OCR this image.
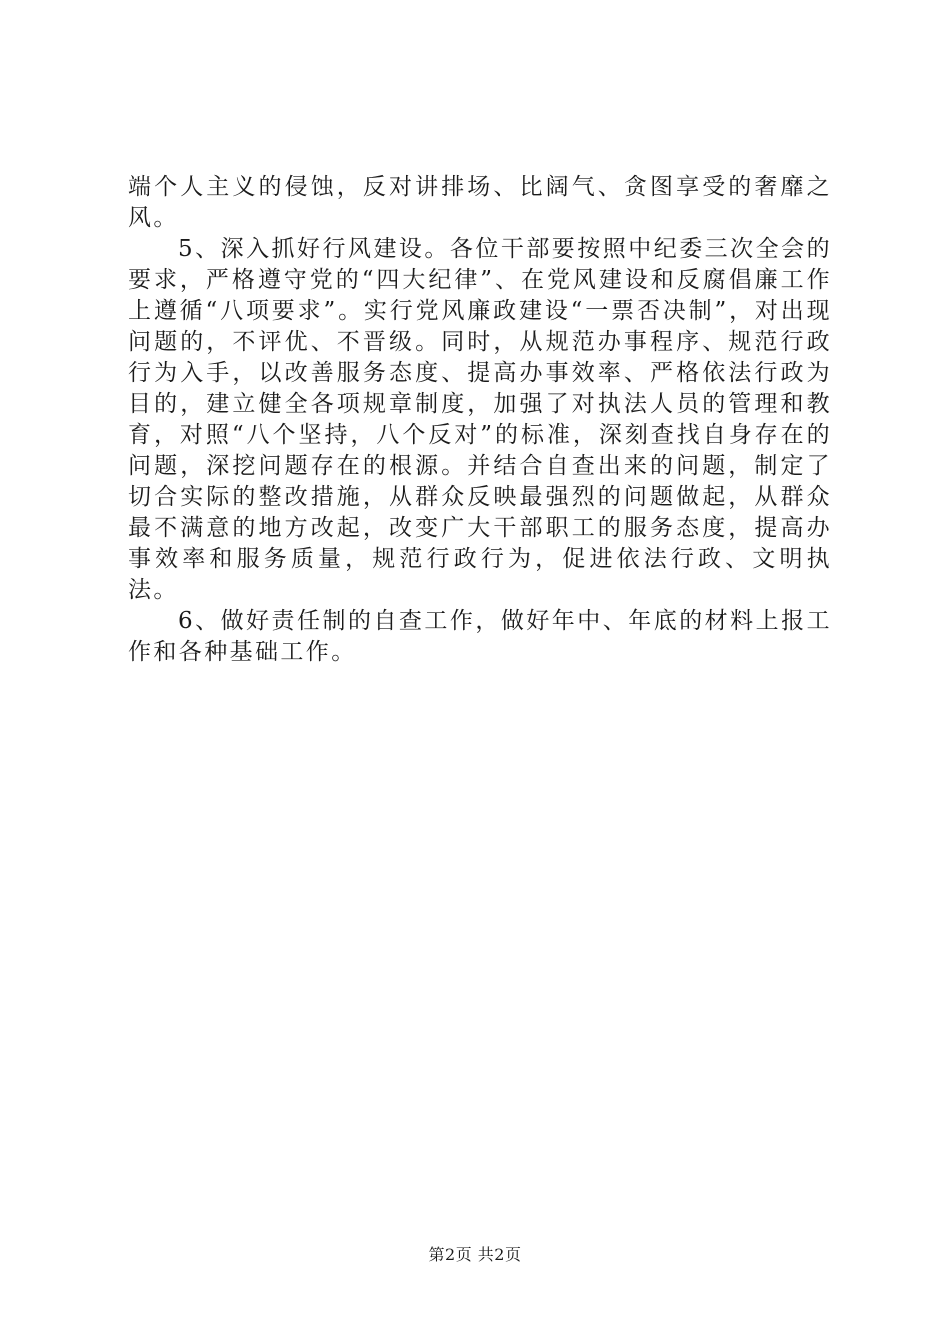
端个人主义的侵蚀，反对讲排场、比阔气、贪图享受的奢靡之风。

5、深入抓好行风建设。各位干部要按照中纪委三次全会的要求，严格遵守党的“四大纪律”、在党风建设和反腐倡廉工作上遵循“八项要求”。实行党风廉政建设“一票否决制”，对出现问题的，不评优、不晋级。同时，从规范办事程序、规范行政行为入手，以改善服务态度、提高办事效率、严格依法行政为目的，建立健全各项规章制度，加强了对执法人员的管理和教育，对照“八个坚持，八个反对”的标准，深刻查找自身存在的问题，深挖问题存在的根源。并结合自查出来的问题，制定了切合实际的整改措施，从群众反映最强烈的问题做起，从群众最不满意的地方改起，改变广大干部职工的服务态度，提高办事效率和服务质量，规范行政行为，促进依法行政、文明执法。

6、做好责任制的自查工作，做好年中、年底的材料上报工作和各种基础工作。

第2页 共2页
